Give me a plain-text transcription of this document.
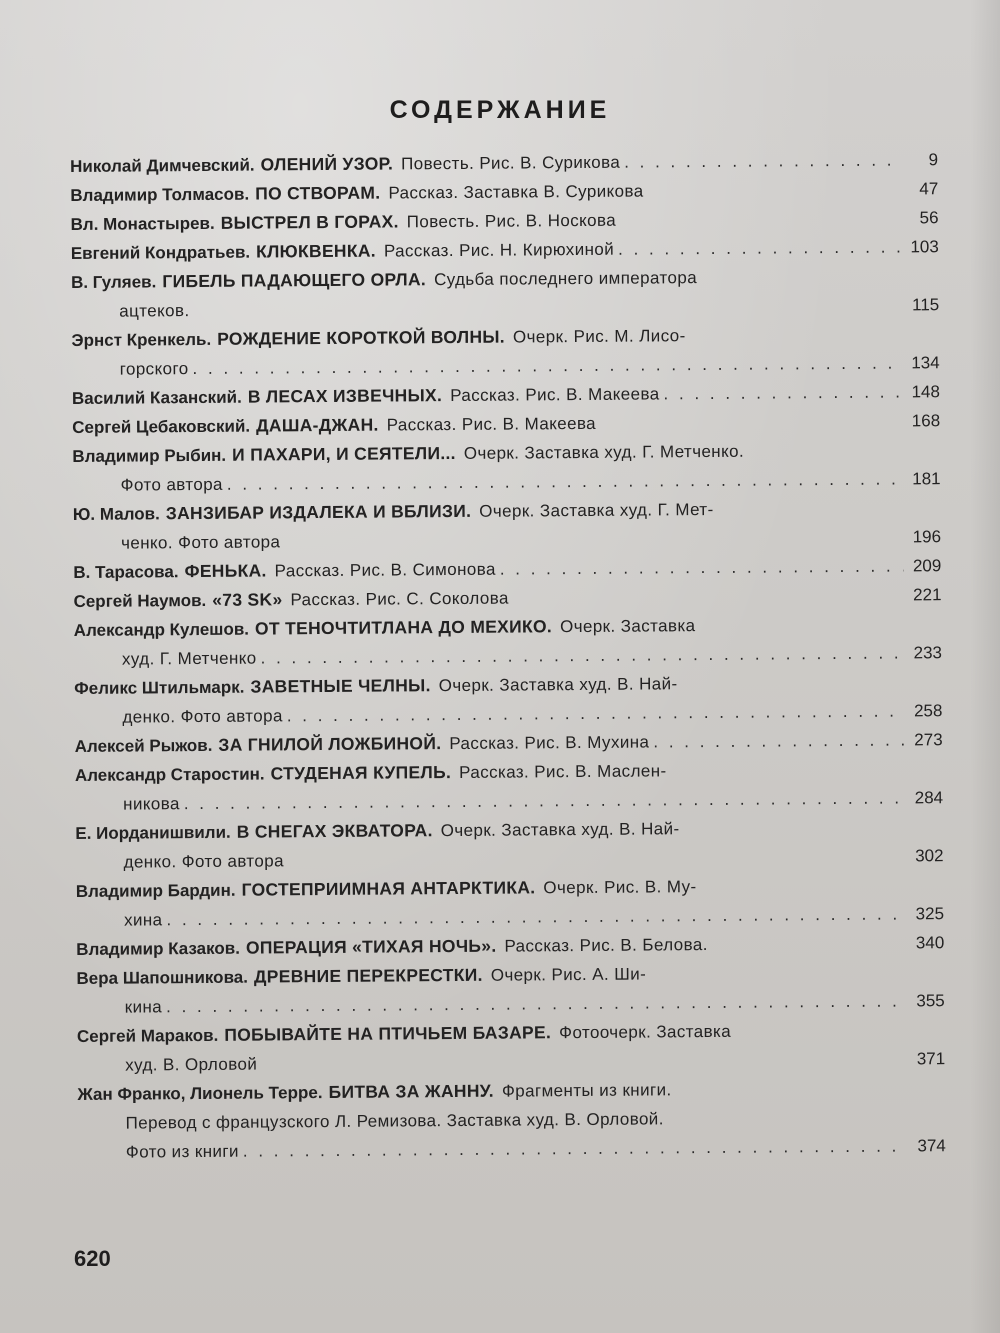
СОДЕРЖАНИЕ
Николай Димчевский. ОЛЕНИЙ УЗОР. Повесть. Рис. В. Сурикова . . .	9
Владимир Толмасов. ПО СТВОРАМ. Рассказ. Заставка В. Сурикова	47
Вл. Монастырев. ВЫСТРЕЛ В ГОРАХ. Повесть. Рис. В. Носкова	56
Евгений Кондратьев. КЛЮКВЕНКА. Рассказ. Рис. Н. Кирюхиной . . .	103
В. Гуляев. ГИБЕЛЬ ПАДАЮЩЕГО ОРЛА. Судьба последнего императора
ацтеков.	115
Эрнст Кренкель. РОЖДЕНИЕ КОРОТКОЙ ВОЛНЫ. Очерк. Рис. М. Лисо-
горского . . .	134
Василий Казанский. В ЛЕСАХ ИЗВЕЧНЫХ. Рассказ. Рис. В. Макеева . . .	148
Сергей Цебаковский. ДАША-ДЖАН. Рассказ. Рис. В. Макеева	168
Владимир Рыбин. И ПАХАРИ, И СЕЯТЕЛИ... Очерк. Заставка худ. Г. Метченко.
Фото автора . . .	181
Ю. Малов. ЗАНЗИБАР ИЗДАЛЕКА И ВБЛИЗИ. Очерк. Заставка худ. Г. Мет-
ченко. Фото автора	196
В. Тарасова. ФЕНЬКА. Рассказ. Рис. В. Симонова . . .	209
Сергей Наумов. «73 SK» Рассказ. Рис. С. Соколова	221
Александр Кулешов. ОТ ТЕНОЧТИТЛАНА ДО МЕХИКО. Очерк. Заставка
худ. Г. Метченко . . .	233
Феликс Штильмарк. ЗАВЕТНЫЕ ЧЕЛНЫ. Очерк. Заставка худ. В. Най-
денко. Фото автора . . .	258
Алексей Рыжов. ЗА ГНИЛОЙ ЛОЖБИНОЙ. Рассказ. Рис. В. Мухина . . .	273
Александр Старостин. СТУДЕНАЯ КУПЕЛЬ. Рассказ. Рис. В. Маслен-
никова . . .	284
Е. Иорданишвили. В СНЕГАХ ЭКВАТОРА. Очерк. Заставка худ. В. Най-
денко. Фото автора	302
Владимир Бардин. ГОСТЕПРИИМНАЯ АНТАРКТИКА. Очерк. Рис. В. Му-
хина . . .	325
Владимир Казаков. ОПЕРАЦИЯ «ТИХАЯ НОЧЬ». Рассказ. Рис. В. Белова.	340
Вера Шапошникова. ДРЕВНИЕ ПЕРЕКРЕСТКИ. Очерк. Рис. А. Ши-
кина . . .	355
Сергей Мараков. ПОБЫВАЙТЕ НА ПТИЧЬЕМ БАЗАРЕ. Фотоочерк. Заставка
худ. В. Орловой	371
Жан Франко, Лионель Терре. БИТВА ЗА ЖАННУ. Фрагменты из книги.
Перевод с французского Л. Ремизова. Заставка худ. В. Орловой.
Фото из книги . . .	374
620
